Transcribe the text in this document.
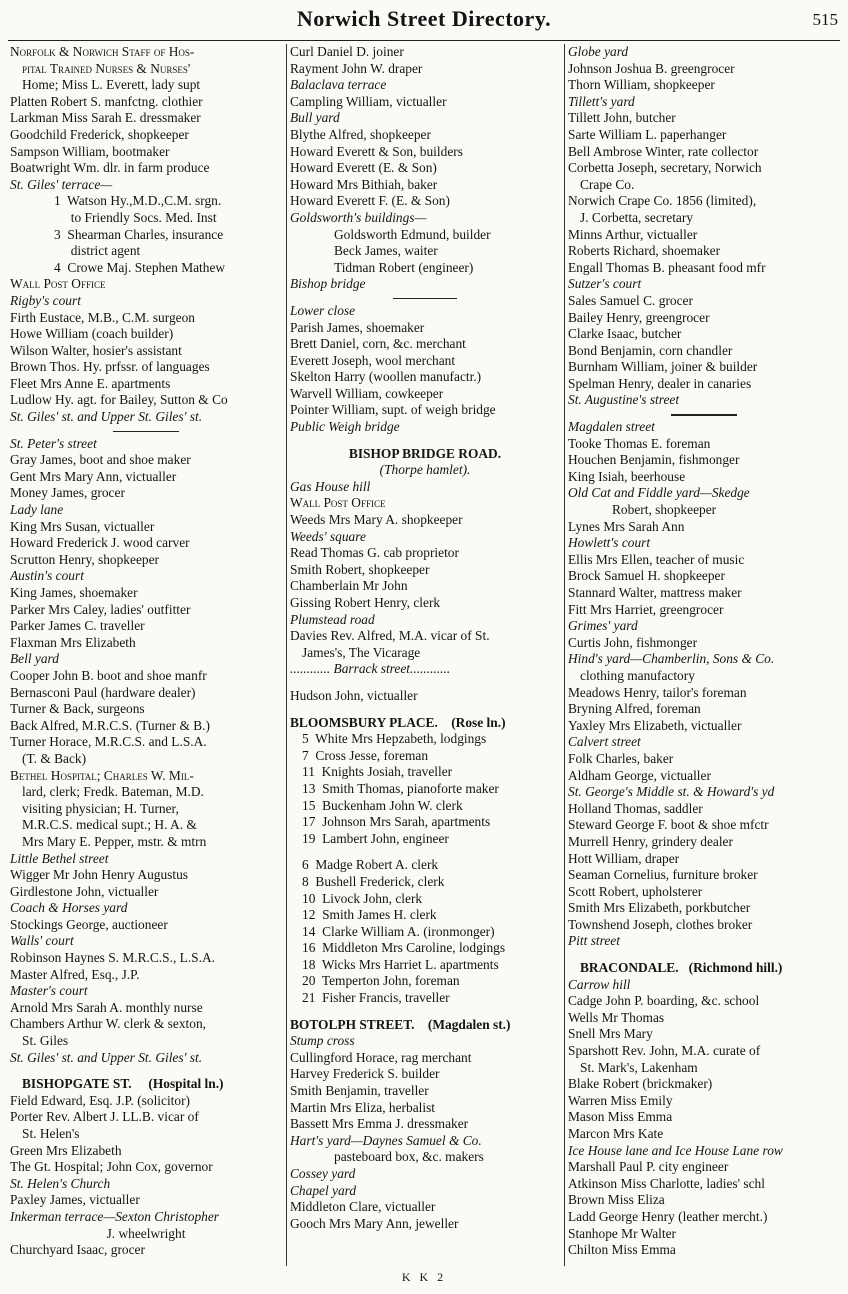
Norwich Street Directory.	515
Norfolk & Norwich Staff of Hos-
pital Trained Nurses & Nurses'
Home; Miss L. Everett, lady supt
Platten Robert S. manfctng. clothier
Larkman Miss Sarah E. dressmaker
Goodchild Frederick, shopkeeper
Sampson William, bootmaker
Boatwright Wm. dlr. in farm produce
St. Giles' terrace—
1  Watson Hy.,M.D.,C.M. srgn.
to Friendly Socs. Med. Inst
3  Shearman Charles, insurance
district agent
4  Crowe Maj. Stephen Mathew
Wall Post Office
Rigby's court
Firth Eustace, M.B., C.M. surgeon
Howe William (coach builder)
Wilson Walter, hosier's assistant
Brown Thos. Hy. prfssr. of languages
Fleet Mrs Anne E. apartments
Ludlow Hy. agt. for Bailey, Sutton & Co
St. Giles' st. and Upper St. Giles' st.
St. Peter's street
Gray James, boot and shoe maker
Gent Mrs Mary Ann, victualler
Money James, grocer
Lady lane
King Mrs Susan, victualler
Howard Frederick J. wood carver
Scrutton Henry, shopkeeper
Austin's court
King James, shoemaker
Parker Mrs Caley, ladies' outfitter
Parker James C. traveller
Flaxman Mrs Elizabeth
Bell yard
Cooper John B. boot and shoe manfr
Bernasconi Paul (hardware dealer)
Turner & Back, surgeons
Back Alfred, M.R.C.S. (Turner & B.)
Turner Horace, M.R.C.S. and L.S.A.
(T. & Back)
Bethel Hospital; Charles W. Mil-
lard, clerk; Fredk. Bateman, M.D.
visiting physician; H. Turner,
M.R.C.S. medical supt.; H. A. &
Mrs Mary E. Pepper, mstr. & mtrn
Little Bethel street
Wigger Mr John Henry Augustus
Girdlestone John, victualler
Coach & Horses yard
Stockings George, auctioneer
Walls' court
Robinson Haynes S. M.R.C.S., L.S.A.
Master Alfred, Esq., J.P.
Master's court
Arnold Mrs Sarah A. monthly nurse
Chambers Arthur W. clerk & sexton,
St. Giles
St. Giles' st. and Upper St. Giles' st.
BISHOPGATE ST.     (Hospital ln.)
Field Edward, Esq. J.P. (solicitor)
Porter Rev. Albert J. LL.B. vicar of
St. Helen's
Green Mrs Elizabeth
The Gt. Hospital; John Cox, governor
St. Helen's Church
Paxley James, victualler
Inkerman terrace—Sexton Christopher
J. wheelwright
Churchyard Isaac, grocer
Curl Daniel D. joiner
Rayment John W. draper
Balaclava terrace
Campling William, victualler
Bull yard
Blythe Alfred, shopkeeper
Howard Everett & Son, builders
Howard Everett (E. & Son)
Howard Mrs Bithiah, baker
Howard Everett F. (E. & Son)
Goldsworth's buildings—
Goldsworth Edmund, builder
Beck James, waiter
Tidman Robert (engineer)
Bishop bridge
Lower close
Parish James, shoemaker
Brett Daniel, corn, &c. merchant
Everett Joseph, wool merchant
Skelton Harry (woollen manufactr.)
Warvell William, cowkeeper
Pointer William, supt. of weigh bridge
Public Weigh bridge
BISHOP BRIDGE ROAD.
(Thorpe hamlet).
Gas House hill
Wall Post Office
Weeds Mrs Mary A. shopkeeper
Weeds' square
Read Thomas G. cab proprietor
Smith Robert, shopkeeper
Chamberlain Mr John
Gissing Robert Henry, clerk
Plumstead road
Davies Rev. Alfred, M.A. vicar of St.
James's, The Vicarage
............ Barrack street............
Hudson John, victualler
BLOOMSBURY PLACE.    (Rose ln.)
5  White Mrs Hepzabeth, lodgings
7  Cross Jesse, foreman
11  Knights Josiah, traveller
13  Smith Thomas, pianoforte maker
15  Buckenham John W. clerk
17  Johnson Mrs Sarah, apartments
19  Lambert John, engineer
6  Madge Robert A. clerk
8  Bushell Frederick, clerk
10  Livock John, clerk
12  Smith James H. clerk
14  Clarke William A. (ironmonger)
16  Middleton Mrs Caroline, lodgings
18  Wicks Mrs Harriet L. apartments
20  Temperton John, foreman
21  Fisher Francis, traveller
BOTOLPH STREET.    (Magdalen st.)
Stump cross
Cullingford Horace, rag merchant
Harvey Frederick S. builder
Smith Benjamin, traveller
Martin Mrs Eliza, herbalist
Bassett Mrs Emma J. dressmaker
Hart's yard—Daynes Samuel & Co.
pasteboard box, &c. makers
Cossey yard
Chapel yard
Middleton Clare, victualler
Gooch Mrs Mary Ann, jeweller
Globe yard
Johnson Joshua B. greengrocer
Thorn William, shopkeeper
Tillett's yard
Tillett John, butcher
Sarte William L. paperhanger
Bell Ambrose Winter, rate collector
Corbetta Joseph, secretary, Norwich
Crape Co.
Norwich Crape Co. 1856 (limited),
J. Corbetta, secretary
Minns Arthur, victualler
Roberts Richard, shoemaker
Engall Thomas B. pheasant food mfr
Sutzer's court
Sales Samuel C. grocer
Bailey Henry, greengrocer
Clarke Isaac, butcher
Bond Benjamin, corn chandler
Burnham William, joiner & builder
Spelman Henry, dealer in canaries
St. Augustine's street
Magdalen street
Tooke Thomas E. foreman
Houchen Benjamin, fishmonger
King Isiah, beerhouse
Old Cat and Fiddle yard—Skedge
Robert, shopkeeper
Lynes Mrs Sarah Ann
Howlett's court
Ellis Mrs Ellen, teacher of music
Brock Samuel H. shopkeeper
Stannard Walter, mattress maker
Fitt Mrs Harriet, greengrocer
Grimes' yard
Curtis John, fishmonger
Hind's yard—Chamberlin, Sons & Co.
clothing manufactory
Meadows Henry, tailor's foreman
Bryning Alfred, foreman
Yaxley Mrs Elizabeth, victualler
Calvert street
Folk Charles, baker
Aldham George, victualler
St. George's Middle st. & Howard's yd
Holland Thomas, saddler
Steward George F. boot & shoe mfctr
Murrell Henry, grindery dealer
Hott William, draper
Seaman Cornelius, furniture broker
Scott Robert, upholsterer
Smith Mrs Elizabeth, porkbutcher
Townshend Joseph, clothes broker
Pitt street
BRACONDALE.   (Richmond hill.)
Carrow hill
Cadge John P. boarding, &c. school
Wells Mr Thomas
Snell Mrs Mary
Sparshott Rev. John, M.A. curate of
St. Mark's, Lakenham
Blake Robert (brickmaker)
Warren Miss Emily
Mason Miss Emma
Marcon Mrs Kate
Ice House lane and Ice House Lane row
Marshall Paul P. city engineer
Atkinson Miss Charlotte, ladies' schl
Brown Miss Eliza
Ladd George Henry (leather mercht.)
Stanhope Mr Walter
Chilton Miss Emma
K K 2
